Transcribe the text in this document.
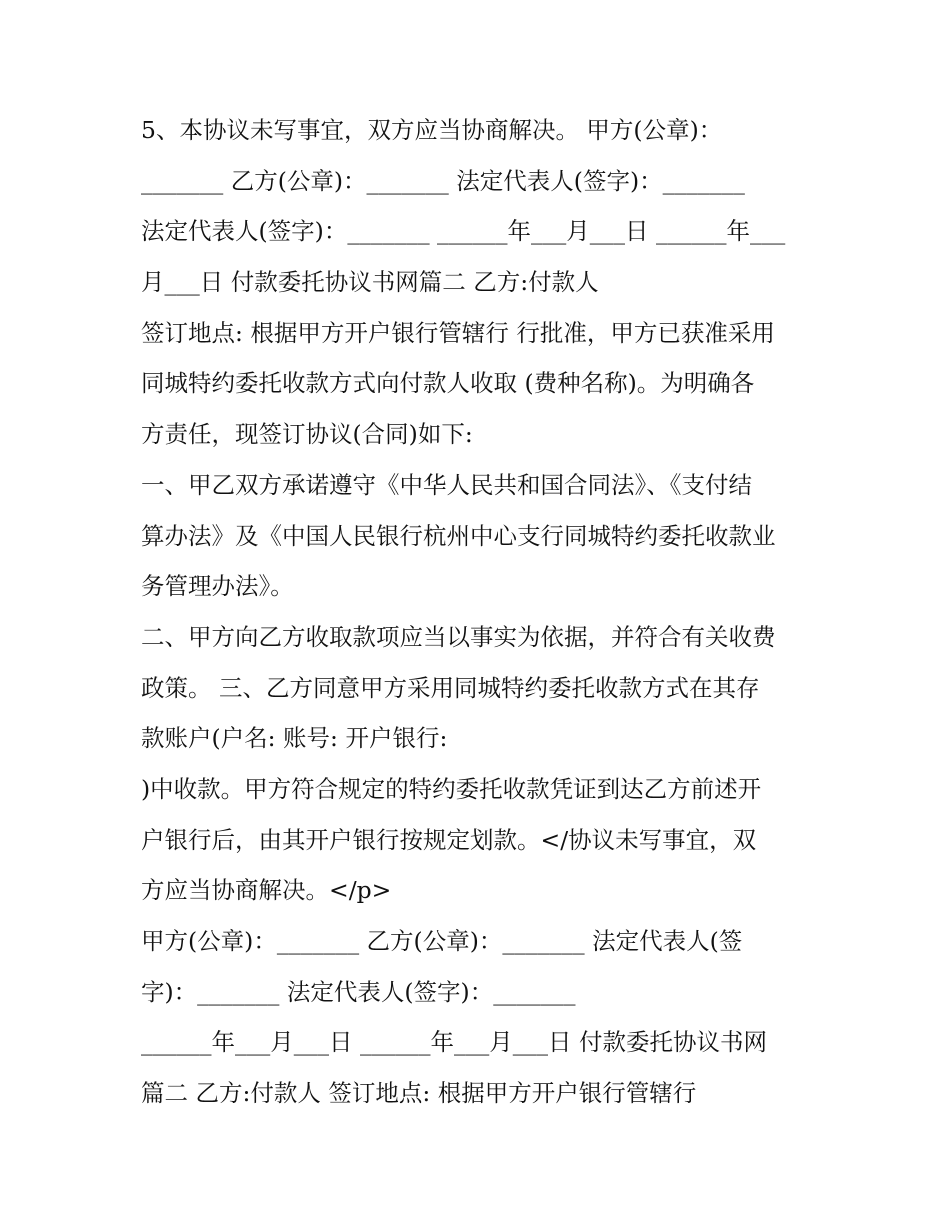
5、本协议未写事宜，双方应当协商解决。 甲方(公章)：
_______ 乙方(公章)：_______ 法定代表人(签字)：_______
法定代表人(签字)：_______ ______年___月___日 ______年___
月___日 付款委托协议书网篇二 乙方:付款人
签订地点: 根据甲方开户银行管辖行 行批准，甲方已获准采用
同城特约委托收款方式向付款人收取 (费种名称)。为明确各
方责任，现签订协议(合同)如下:
一、甲乙双方承诺遵守《中华人民共和国合同法》、《支付结
算办法》及《中国人民银行杭州中心支行同城特约委托收款业
务管理办法》。
二、甲方向乙方收取款项应当以事实为依据，并符合有关收费
政策。 三、乙方同意甲方采用同城特约委托收款方式在其存
款账户(户名: 账号: 开户银行:
)中收款。甲方符合规定的特约委托收款凭证到达乙方前述开
户银行后，由其开户银行按规定划款。</协议未写事宜，双
方应当协商解决。</p>
甲方(公章)：_______ 乙方(公章)：_______ 法定代表人(签
字)：_______ 法定代表人(签字)：_______
______年___月___日 ______年___月___日 付款委托协议书网
篇二 乙方:付款人 签订地点: 根据甲方开户银行管辖行
